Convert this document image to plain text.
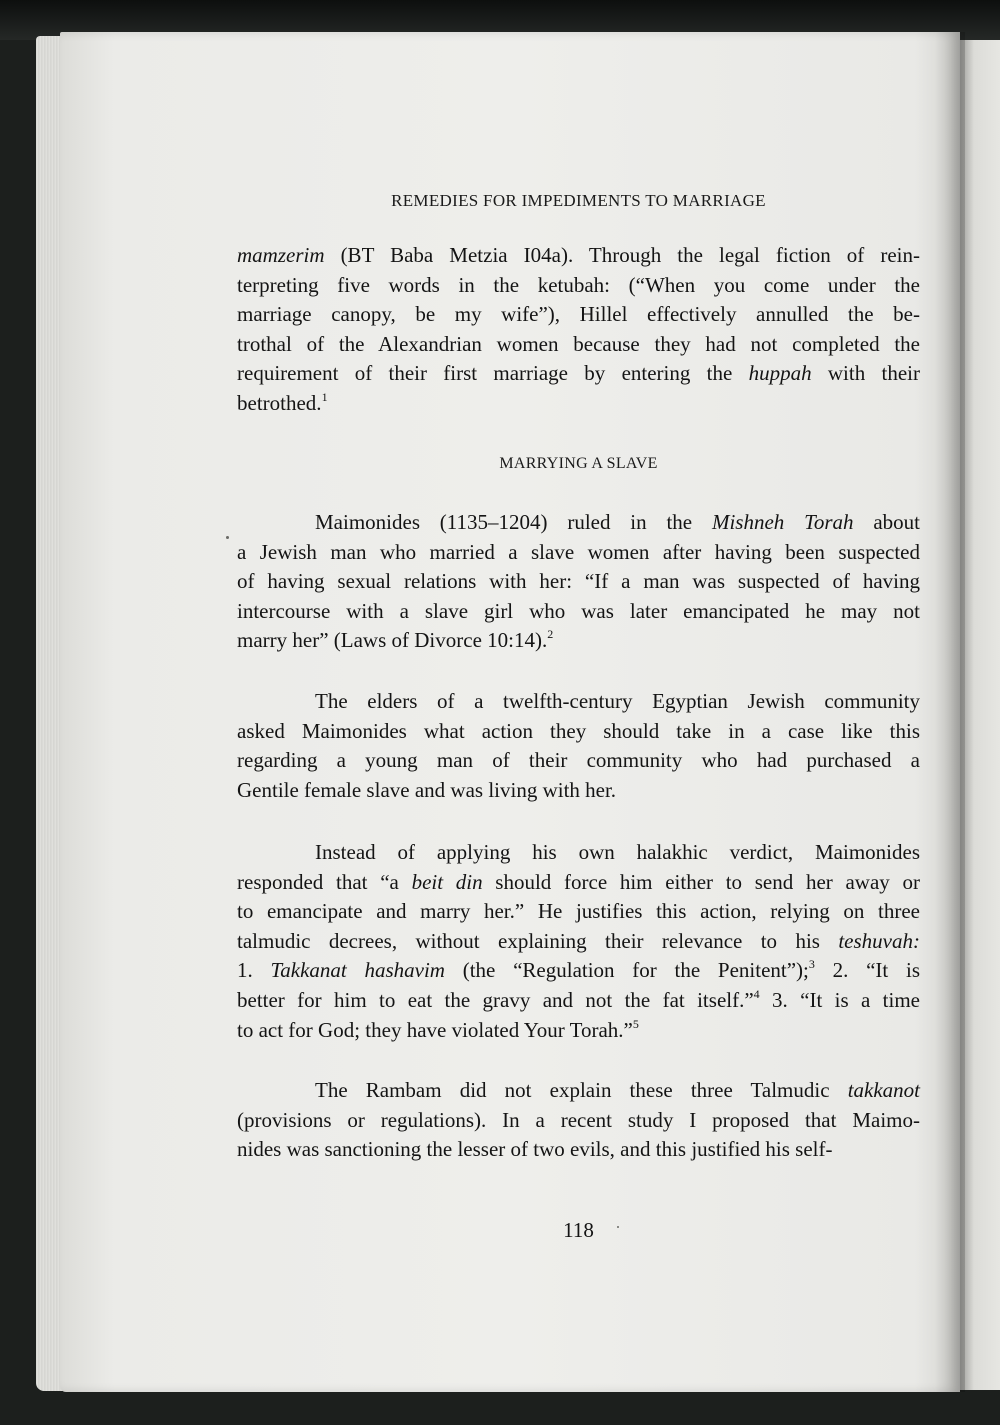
REMEDIES FOR IMPEDIMENTS TO MARRIAGE

mamzerim (BT Baba Metzia I04a). Through the legal fiction of rein-
terpreting five words in the ketubah: (“When you come under the
marriage canopy, be my wife”), Hillel effectively annulled the be-
trothal of the Alexandrian women because they had not completed the
requirement of their first marriage by entering the huppah with their
betrothed.$^1$

MARRYING A SLAVE

Maimonides (1135–1204) ruled in the Mishneh Torah about
a Jewish man who married a slave women after having been suspected
of having sexual relations with her: “If a man was suspected of having
intercourse with a slave girl who was later emancipated he may not
marry her” (Laws of Divorce 10:14).$^2$

The elders of a twelfth-century Egyptian Jewish community
asked Maimonides what action they should take in a case like this
regarding a young man of their community who had purchased a
Gentile female slave and was living with her.

Instead of applying his own halakhic verdict, Maimonides
responded that “a beit din should force him either to send her away or
to emancipate and marry her.” He justifies this action, relying on three
talmudic decrees, without explaining their relevance to his teshuvah:
1. Takkanat hashavim (the “Regulation for the Penitent”);$^3$ 2. “It is
better for him to eat the gravy and not the fat itself.”$^4$ 3. “It is a time
to act for God; they have violated Your Torah.”$^5$

The Rambam did not explain these three Talmudic takkanot
(provisions or regulations). In a recent study I proposed that Maimo-
nides was sanctioning the lesser of two evils, and this justified his self-

118
